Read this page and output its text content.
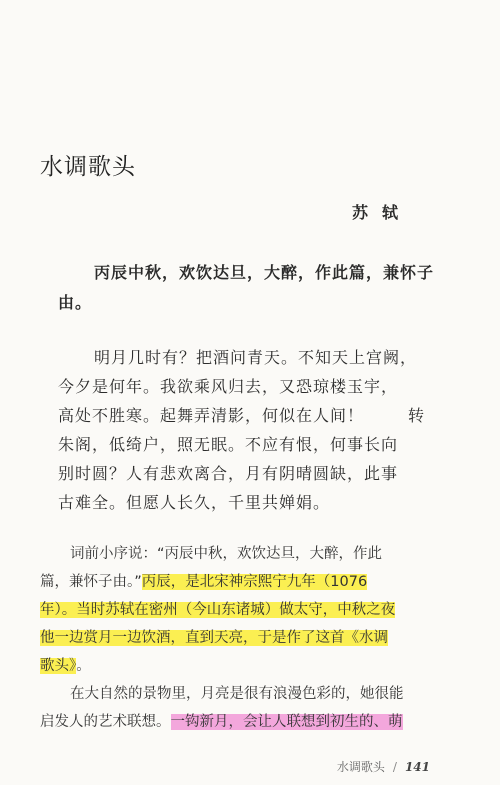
水调歌头
苏轼
丙辰中秋，欢饮达旦，大醉，作此篇，兼怀子由。
明月几时有？把酒问青天。不知天上宫阙，
今夕是何年。我欲乘风归去，又恐琼楼玉宇，
高处不胜寒。起舞弄清影，何似在人间！	转
朱阁，低绮户，照无眠。不应有恨，何事长向
别时圆？人有悲欢离合，月有阴晴圆缺，此事
古难全。但愿人长久，千里共婵娟。
词前小序说：“丙辰中秋，欢饮达旦，大醉，作此
篇，兼怀子由。”丙辰，是北宋神宗熙宁九年（1076
年）。当时苏轼在密州（今山东诸城）做太守，中秋之夜
他一边赏月一边饮酒，直到天亮，于是作了这首《水调
歌头》。
在大自然的景物里，月亮是很有浪漫色彩的，她很能
启发人的艺术联想。一钩新月，会让人联想到初生的、萌
水调歌头 / 141
